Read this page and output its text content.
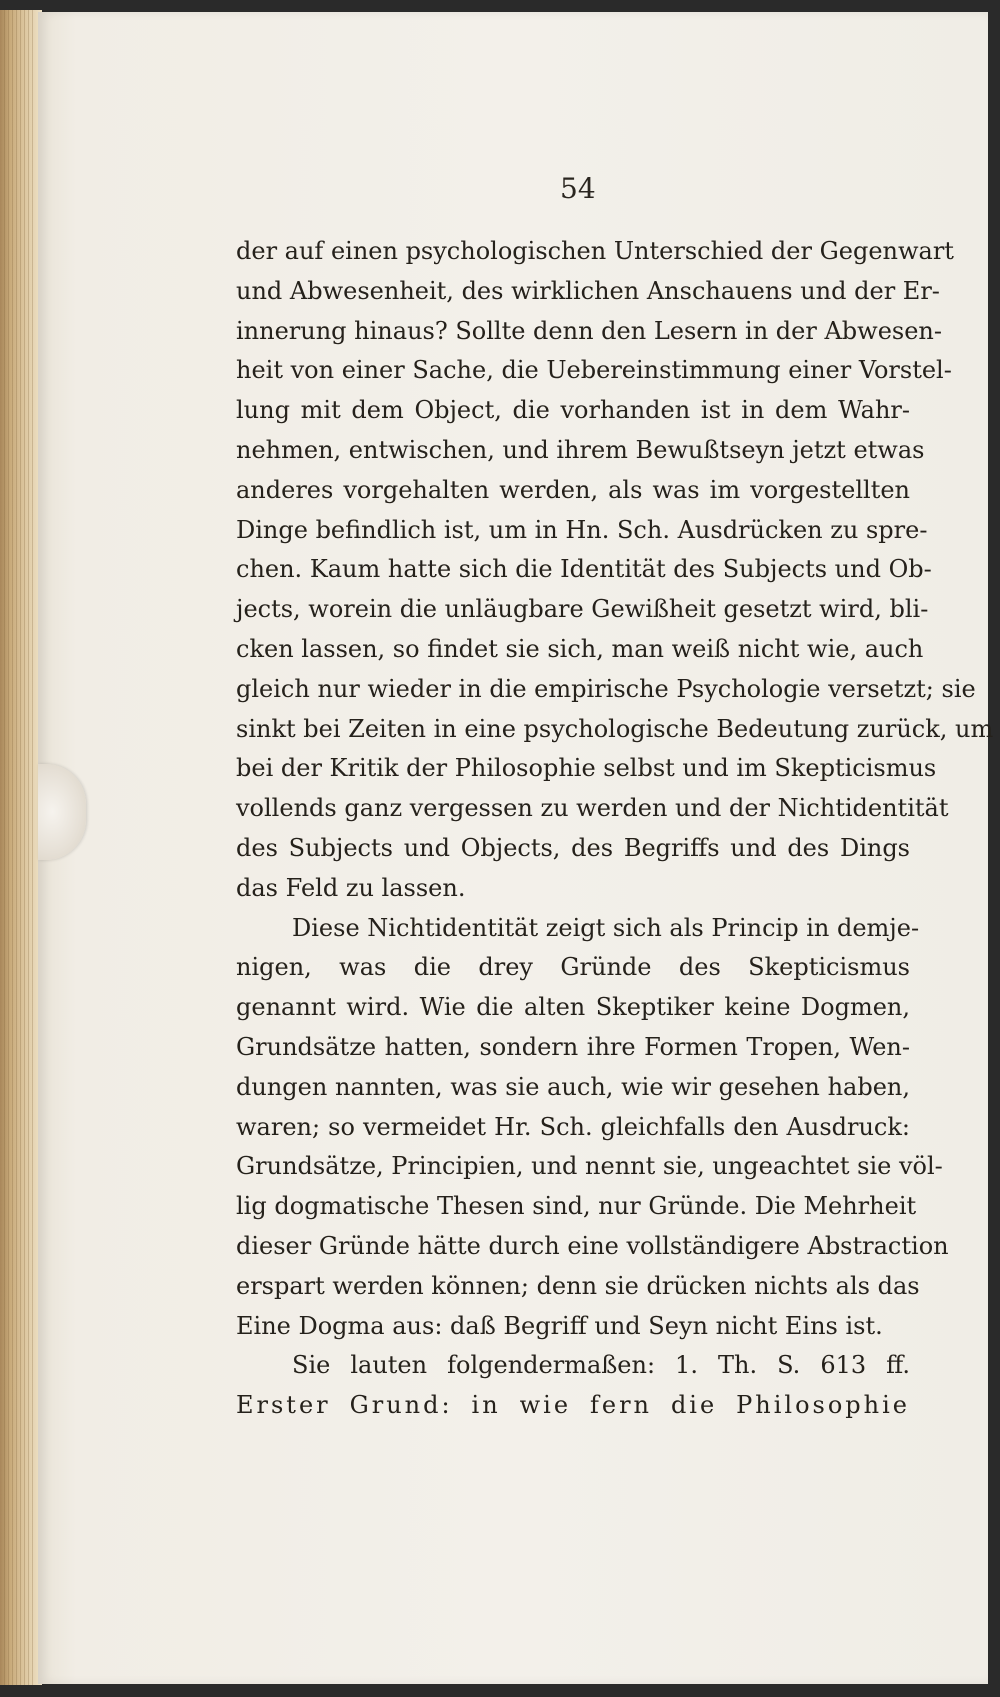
54
der auf einen psychologischen Unterschied der Gegenwart
und Abwesenheit, des wirklichen Anschauens und der Er-
innerung hinaus? Sollte denn den Lesern in der Abwesen-
heit von einer Sache, die Uebereinstimmung einer Vorstel-
lung mit dem Object, die vorhanden ist in dem Wahr-
nehmen, entwischen, und ihrem Bewußtseyn jetzt etwas
anderes vorgehalten werden, als was im vorgestellten
Dinge befindlich ist, um in Hn. Sch. Ausdrücken zu spre-
chen. Kaum hatte sich die Identität des Subjects und Ob-
jects, worein die unläugbare Gewißheit gesetzt wird, bli-
cken lassen, so findet sie sich, man weiß nicht wie, auch
gleich nur wieder in die empirische Psychologie versetzt; sie
sinkt bei Zeiten in eine psychologische Bedeutung zurück, um
bei der Kritik der Philosophie selbst und im Skepticismus
vollends ganz vergessen zu werden und der Nichtidentität
des Subjects und Objects, des Begriffs und des Dings
das Feld zu lassen.
Diese Nichtidentität zeigt sich als Princip in demje-
nigen, was die drey Gründe des Skepticismus
genannt wird. Wie die alten Skeptiker keine Dogmen,
Grundsätze hatten, sondern ihre Formen Tropen, Wen-
dungen nannten, was sie auch, wie wir gesehen haben,
waren; so vermeidet Hr. Sch. gleichfalls den Ausdruck:
Grundsätze, Principien, und nennt sie, ungeachtet sie völ-
lig dogmatische Thesen sind, nur Gründe. Die Mehrheit
dieser Gründe hätte durch eine vollständigere Abstraction
erspart werden können; denn sie drücken nichts als das
Eine Dogma aus: daß Begriff und Seyn nicht Eins ist.
Sie lauten folgendermaßen: 1. Th. S. 613 ff.
Erster Grund: in wie fern die Philosophie
